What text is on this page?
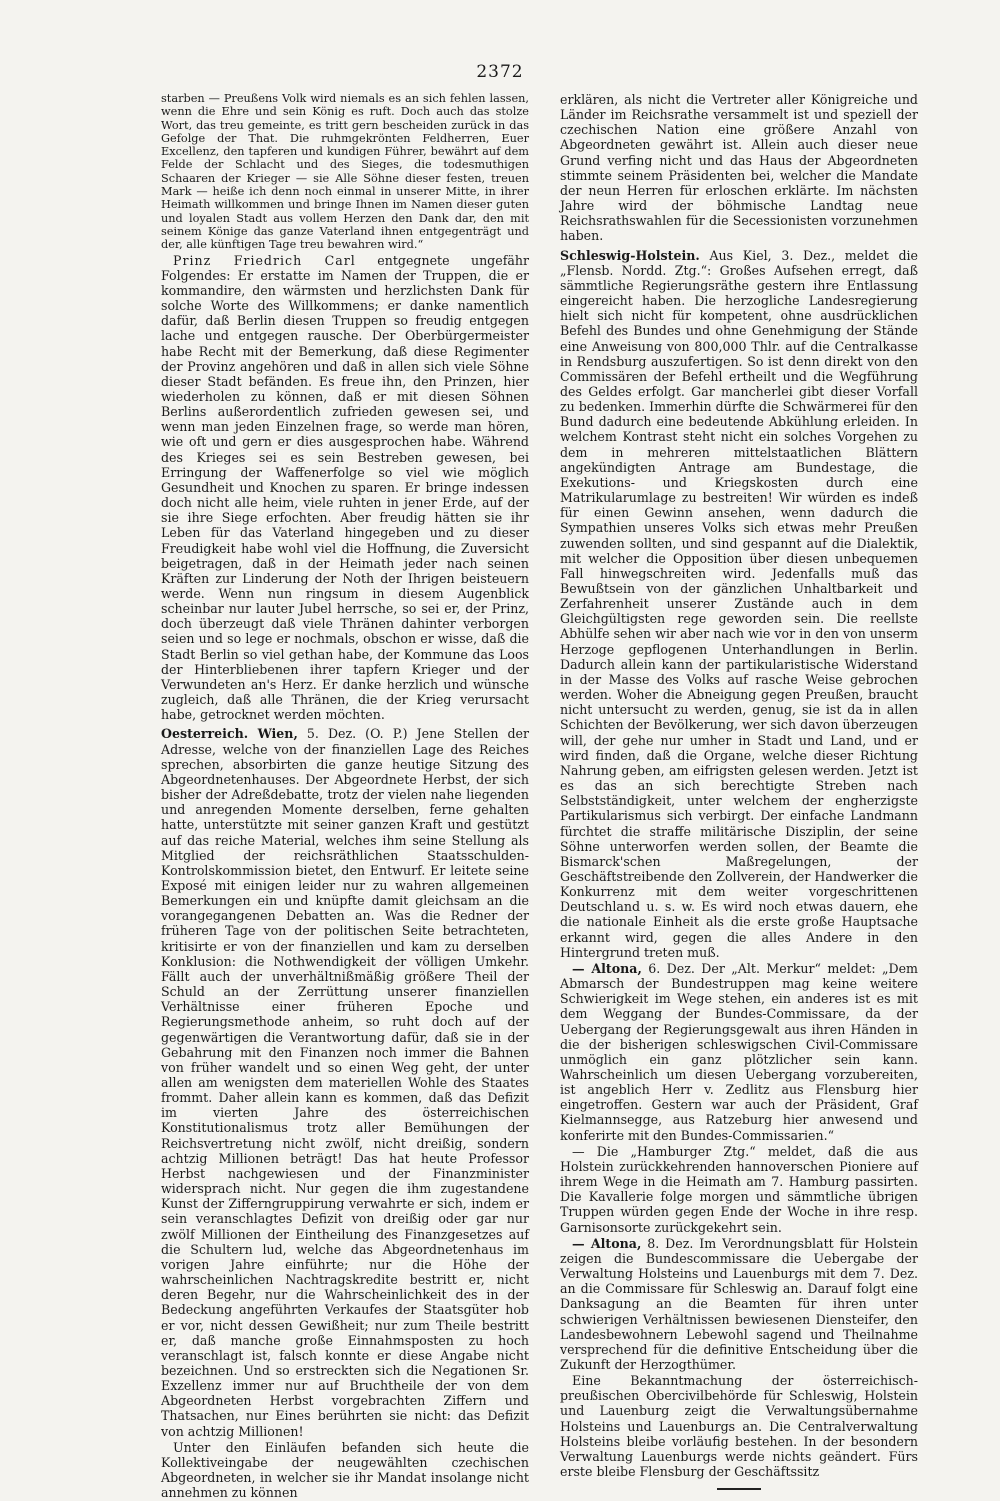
2372

starben — Preußens Volk wird niemals es an sich fehlen lassen, wenn die Ehre und sein König es ruft. Doch auch das stolze Wort, das treu gemeinte, es tritt gern bescheiden zurück in das Gefolge der That. Die ruhmgekrönten Feldherren, Euer Excellenz, den tapferen und kundigen Führer, bewährt auf dem Felde der Schlacht und des Sieges, die todesmuthigen Schaaren der Krieger — sie Alle Söhne dieser festen, treuen Mark — heiße ich denn noch einmal in unserer Mitte, in ihrer Heimath willkommen und bringe Ihnen im Namen dieser guten und loyalen Stadt aus vollem Herzen den Dank dar, den mit seinem Könige das ganze Vaterland ihnen entgegenträgt und der, alle künftigen Tage treu bewahren wird.“

Prinz Friedrich Carl entgegnete ungefähr Folgendes: Er erstatte im Namen der Truppen, die er kommandire, den wärmsten und herzlichsten Dank für solche Worte des Willkommens; er danke namentlich dafür, daß Berlin diesen Truppen so freudig entgegen lache und entgegen rausche. Der Oberbürgermeister habe Recht mit der Bemerkung, daß diese Regimenter der Provinz angehören und daß in allen sich viele Söhne dieser Stadt befänden. Es freue ihn, den Prinzen, hier wiederholen zu können, daß er mit diesen Söhnen Berlins außerordentlich zufrieden gewesen sei, und wenn man jeden Einzelnen frage, so werde man hören, wie oft und gern er dies ausgesprochen habe. Während des Krieges sei es sein Bestreben gewesen, bei Erringung der Waffenerfolge so viel wie möglich Gesundheit und Knochen zu sparen. Er bringe indessen doch nicht alle heim, viele ruhten in jener Erde, auf der sie ihre Siege erfochten. Aber freudig hätten sie ihr Leben für das Vaterland hingegeben und zu dieser Freudigkeit habe wohl viel die Hoffnung, die Zuversicht beigetragen, daß in der Heimath jeder nach seinen Kräften zur Linderung der Noth der Ihrigen beisteuern werde. Wenn nun ringsum in diesem Augenblick scheinbar nur lauter Jubel herrsche, so sei er, der Prinz, doch überzeugt daß viele Thränen dahinter verborgen seien und so lege er nochmals, obschon er wisse, daß die Stadt Berlin so viel gethan habe, der Kommune das Loos der Hinterbliebenen ihrer tapfern Krieger und der Verwundeten an's Herz. Er danke herzlich und wünsche zugleich, daß alle Thränen, die der Krieg verursacht habe, getrocknet werden möchten.

Oesterreich. Wien, 5. Dez. (O. P.) Jene Stellen der Adresse, welche von der finanziellen Lage des Reiches sprechen, absorbirten die ganze heutige Sitzung des Abgeordnetenhauses. Der Abgeordnete Herbst, der sich bisher der Adreßdebatte, trotz der vielen nahe liegenden und anregenden Momente derselben, ferne gehalten hatte, unterstützte mit seiner ganzen Kraft und gestützt auf das reiche Material, welches ihm seine Stellung als Mitglied der reichsräthlichen Staatsschulden-Kontrolskommission bietet, den Entwurf. Er leitete seine Exposé mit einigen leider nur zu wahren allgemeinen Bemerkungen ein und knüpfte damit gleichsam an die vorangegangenen Debatten an. Was die Redner der früheren Tage von der politischen Seite betrachteten, kritisirte er von der finanziellen und kam zu derselben Konklusion: die Nothwendigkeit der völligen Umkehr. Fällt auch der unverhältnißmäßig größere Theil der Schuld an der Zerrüttung unserer finanziellen Verhältnisse einer früheren Epoche und Regierungsmethode anheim, so ruht doch auf der gegenwärtigen die Verantwortung dafür, daß sie in der Gebahrung mit den Finanzen noch immer die Bahnen von früher wandelt und so einen Weg geht, der unter allen am wenigsten dem materiellen Wohle des Staates frommt. Daher allein kann es kommen, daß das Defizit im vierten Jahre des österreichischen Konstitutionalismus trotz aller Bemühungen der Reichsvertretung nicht zwölf, nicht dreißig, sondern achtzig Millionen beträgt! Das hat heute Professor Herbst nachgewiesen und der Finanzminister widersprach nicht. Nur gegen die ihm zugestandene Kunst der Zifferngruppirung verwahrte er sich, indem er sein veranschlagtes Defizit von dreißig oder gar nur zwölf Millionen der Eintheilung des Finanzgesetzes auf die Schultern lud, welche das Abgeordnetenhaus im vorigen Jahre einführte; nur die Höhe der wahrscheinlichen Nachtragskredite bestritt er, nicht deren Begehr, nur die Wahrscheinlichkeit des in der Bedeckung angeführten Verkaufes der Staatsgüter hob er vor, nicht dessen Gewißheit; nur zum Theile bestritt er, daß manche große Einnahmsposten zu hoch veranschlagt ist, falsch konnte er diese Angabe nicht bezeichnen. Und so erstreckten sich die Negationen Sr. Exzellenz immer nur auf Bruchtheile der von dem Abgeordneten Herbst vorgebrachten Ziffern und Thatsachen, nur Eines berührten sie nicht: das Defizit von achtzig Millionen!

Unter den Einläufen befanden sich heute die Kollektiveingabe der neugewählten czechischen Abgeordneten, in welcher sie ihr Mandat insolange nicht annehmen zu können

erklären, als nicht die Vertreter aller Königreiche und Länder im Reichsrathe versammelt ist und speziell der czechischen Nation eine größere Anzahl von Abgeordneten gewährt ist. Allein auch dieser neue Grund verfing nicht und das Haus der Abgeordneten stimmte seinem Präsidenten bei, welcher die Mandate der neun Herren für erloschen erklärte. Im nächsten Jahre wird der böhmische Landtag neue Reichsrathswahlen für die Secessionisten vorzunehmen haben.

Schleswig-Holstein. Aus Kiel, 3. Dez., meldet die „Flensb. Nordd. Ztg.“: Großes Aufsehen erregt, daß sämmtliche Regierungsräthe gestern ihre Entlassung eingereicht haben. Die herzogliche Landesregierung hielt sich nicht für kompetent, ohne ausdrücklichen Befehl des Bundes und ohne Genehmigung der Stände eine Anweisung von 800,000 Thlr. auf die Centralkasse in Rendsburg auszufertigen. So ist denn direkt von den Commissären der Befehl ertheilt und die Wegführung des Geldes erfolgt. Gar mancherlei gibt dieser Vorfall zu bedenken. Immerhin dürfte die Schwärmerei für den Bund dadurch eine bedeutende Abkühlung erleiden. In welchem Kontrast steht nicht ein solches Vorgehen zu dem in mehreren mittelstaatlichen Blättern angekündigten Antrage am Bundestage, die Exekutions- und Kriegskosten durch eine Matrikularumlage zu bestreiten! Wir würden es indeß für einen Gewinn ansehen, wenn dadurch die Sympathien unseres Volks sich etwas mehr Preußen zuwenden sollten, und sind gespannt auf die Dialektik, mit welcher die Opposition über diesen unbequemen Fall hinwegschreiten wird. Jedenfalls muß das Bewußtsein von der gänzlichen Unhaltbarkeit und Zerfahrenheit unserer Zustände auch in dem Gleichgültigsten rege geworden sein. Die reellste Abhülfe sehen wir aber nach wie vor in den von unserm Herzoge gepflogenen Unterhandlungen in Berlin. Dadurch allein kann der partikularistische Widerstand in der Masse des Volks auf rasche Weise gebrochen werden. Woher die Abneigung gegen Preußen, braucht nicht untersucht zu werden, genug, sie ist da in allen Schichten der Bevölkerung, wer sich davon überzeugen will, der gehe nur umher in Stadt und Land, und er wird finden, daß die Organe, welche dieser Richtung Nahrung geben, am eifrigsten gelesen werden. Jetzt ist es das an sich berechtigte Streben nach Selbstständigkeit, unter welchem der engherzigste Partikularismus sich verbirgt. Der einfache Landmann fürchtet die straffe militärische Disziplin, der seine Söhne unterworfen werden sollen, der Beamte die Bismarck'schen Maßregelungen, der Geschäftstreibende den Zollverein, der Handwerker die Konkurrenz mit dem weiter vorgeschrittenen Deutschland u. s. w. Es wird noch etwas dauern, ehe die nationale Einheit als die erste große Hauptsache erkannt wird, gegen die alles Andere in den Hintergrund treten muß.

— Altona, 6. Dez. Der „Alt. Merkur“ meldet: „Dem Abmarsch der Bundestruppen mag keine weitere Schwierigkeit im Wege stehen, ein anderes ist es mit dem Weggang der Bundes-Commissare, da der Uebergang der Regierungsgewalt aus ihren Händen in die der bisherigen schleswigschen Civil-Commissare unmöglich ein ganz plötzlicher sein kann. Wahrscheinlich um diesen Uebergang vorzubereiten, ist angeblich Herr v. Zedlitz aus Flensburg hier eingetroffen. Gestern war auch der Präsident, Graf Kielmannsegge, aus Ratzeburg hier anwesend und konferirte mit den Bundes-Commissarien.“

— Die „Hamburger Ztg.“ meldet, daß die aus Holstein zurückkehrenden hannoverschen Pioniere auf ihrem Wege in die Heimath am 7. Hamburg passirten. Die Kavallerie folge morgen und sämmtliche übrigen Truppen würden gegen Ende der Woche in ihre resp. Garnisonsorte zurückgekehrt sein.

— Altona, 8. Dez. Im Verordnungsblatt für Holstein zeigen die Bundescommissare die Uebergabe der Verwaltung Holsteins und Lauenburgs mit dem 7. Dez. an die Commissare für Schleswig an. Darauf folgt eine Danksagung an die Beamten für ihren unter schwierigen Verhältnissen bewiesenen Diensteifer, den Landesbewohnern Lebewohl sagend und Theilnahme versprechend für die definitive Entscheidung über die Zukunft der Herzogthümer.

Eine Bekanntmachung der österreichisch-preußischen Obercivilbehörde für Schleswig, Holstein und Lauenburg zeigt die Verwaltungsübernahme Holsteins und Lauenburgs an. Die Centralverwaltung Holsteins bleibe vorläufig bestehen. In der besondern Verwaltung Lauenburgs werde nichts geändert. Fürs erste bleibe Flensburg der Geschäftssitz
